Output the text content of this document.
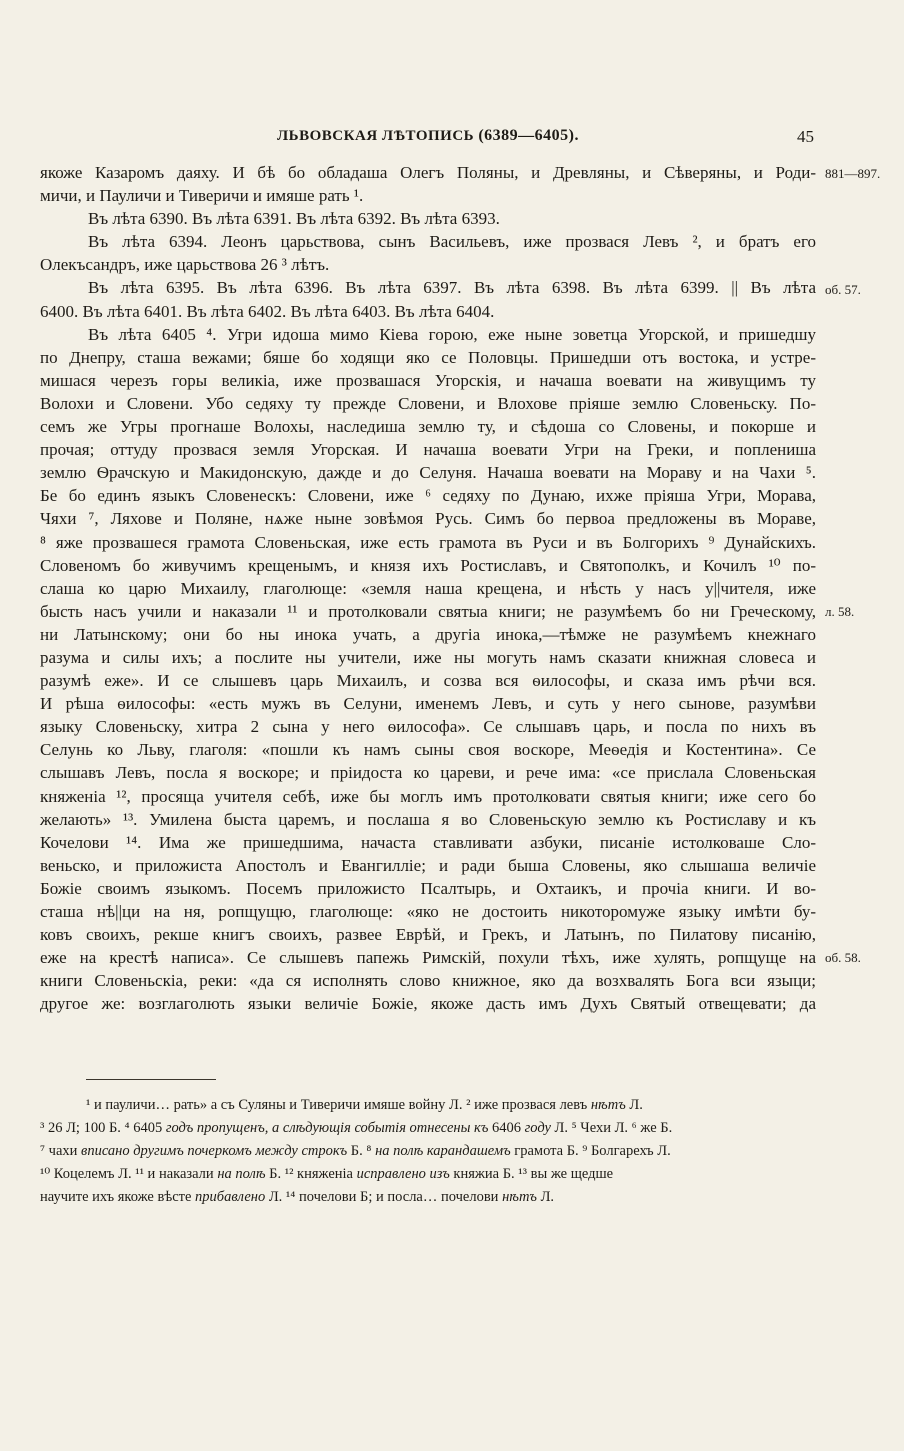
ЛЬВОВСКАЯ ЛѢТОПИСЬ (6389—6405).	45
якоже Казаромъ даяху. И бѣ бо обладаша Олегъ Поляны, и Древляны, и Сѣверяны, и Роди-
мичи, и Пауличи и Тиверичи и имяше рать ¹.
Въ лѣта 6390. Въ лѣта 6391. Въ лѣта 6392. Въ лѣта 6393.
Въ лѣта 6394. Леонъ царьствова, сынъ Васильевъ, иже прозвася Левъ ², и братъ его
Олекъсандръ, иже царьствова 26 ³ лѣтъ.
Въ лѣта 6395. Въ лѣта 6396. Въ лѣта 6397. Въ лѣта 6398. Въ лѣта 6399. || Въ лѣта
6400. Въ лѣта 6401. Въ лѣта 6402. Въ лѣта 6403. Въ лѣта 6404.
Въ лѣта 6405 ⁴. Угри идоша мимо Кіева горою, еже ныне зоветца Угорской, и пришедшу
по Днепру, сташа вежами; бяше бо ходящи яко се Половцы. Пришедши отъ востока, и устре-
мишася черезъ горы великіа, иже прозвашася Угорскія, и начаша воевати на живущимъ ту
Волохи и Словени. Убо седяху ту прежде Словени, и Влохове пріяше землю Словеньску. По-
семъ же Угры прогнаше Волохы, наследиша землю ту, и сѣдоша со Словены, и покорше и
прочая; оттуду прозвася земля Угорская. И начаша воевати Угри на Греки, и поплениша
землю Ѳрачскую и Макидонскую, дажде и до Селуня. Начаша воевати на Мораву и на Чахи ⁵.
Бе бо единъ языкъ Словенескъ: Словени, иже ⁶ седяху по Дунаю, ихже пріяша Угри, Морава,
Чяхи ⁷, Ляхове и Поляне, нѧже ныне зовѣмоя Русь. Симъ бо первоа предложены въ Мораве,
⁸ яже прозвашеся грамота Словеньская, иже есть грамота въ Руси и въ Болгорихъ ⁹ Дунайскихъ.
Словеномъ бо живучимъ крещенымъ, и князя ихъ Ростиславъ, и Святополкъ, и Кочилъ ¹⁰ по-
слаша ко царю Михаилу, глаголюще: «земля наша крещена, и нѣсть у насъ у||чителя, иже
бысть насъ учили и наказали ¹¹ и протолковали святыа книги; не разумѣемъ бо ни Греческому,
ни Латынскому; они бо ны инока учать, а другіа инока,—тѣмже не разумѣемъ кнежнаго
разума и силы ихъ; а послите ны учители, иже ны могуть намъ сказати книжная словеса и
разумѣ еже». И се слышевъ царь Михаилъ, и созва вся ѳилософы, и сказа имъ рѣчи вся.
И рѣша ѳилософы: «есть мужъ въ Селуни, именемъ Левъ, и суть у него сынове, разумѣви
языку Словеньску, хитра 2 сына у него ѳилософа». Се слышавъ царь, и посла по нихъ въ
Селунь ко Льву, глаголя: «пошли къ намъ сыны своя воскоре, Меѳедія и Костентина». Се
слышавъ Левъ, посла я воскоре; и пріидоста ко цареви, и рече има: «се прислала Словеньская
княженіа ¹², просяща учителя себѣ, иже бы моглъ имъ протолковати святыя книги; иже сего бо
желають» ¹³. Умилена быста царемъ, и послаша я во Словеньскую землю къ Ростиславу и къ
Кочелови ¹⁴. Има же пришедшима, начаста ставливати азбуки, писаніе истолковаше Сло-
веньско, и приложиста Апостолъ и Евангилліе; и ради быша Словены, яко слышаша величіе
Божіе своимъ языкомъ. Посемъ приложисто Псалтырь, и Охтаикъ, и прочіа книги. И во-
сташа нѣ||ци на ня, ропщущю, глаголюще: «яко не достоить никоторомуже языку имѣти бу-
ковъ своихъ, рекше книгъ своихъ, развее Еврѣй, и Грекъ, и Латынъ, по Пилатову писанію,
еже на крестѣ написа». Се слышевъ папежь Римскій, похули тѣхъ, иже хулять, ропщуще на
книги Словеньскіа, реки: «да ся исполнять слово книжное, яко да возхвалять Бога вси языци;
другое же: возглаголють языки величіе Божіе, якоже дасть имъ Духъ Святый отвещевати; да
881—897.
об. 57.
л. 58.
об. 58.
¹ и пауличи… рать» а съ Суляны и Тиверичи имяше войну Л. ² иже прозвася левъ нѣтъ Л.
³ 26 Л; 100 Б. ⁴ 6405 годъ пропущенъ, а слѣдующія событія отнесены къ 6406 году Л. ⁵ Чехи Л. ⁶ же Б.
⁷ чахи вписано другимъ почеркомъ между строкъ Б. ⁸ на полѣ карандашемъ грамота Б. ⁹ Болгарехъ Л.
¹⁰ Коцелемъ Л. ¹¹ и наказали на полѣ Б. ¹² княженіа исправлено изъ княжиа Б. ¹³ вы же щедше
научите ихъ якоже вѣсте прибавлено Л. ¹⁴ почелови Б; и посла… почелови нѣтъ Л.
